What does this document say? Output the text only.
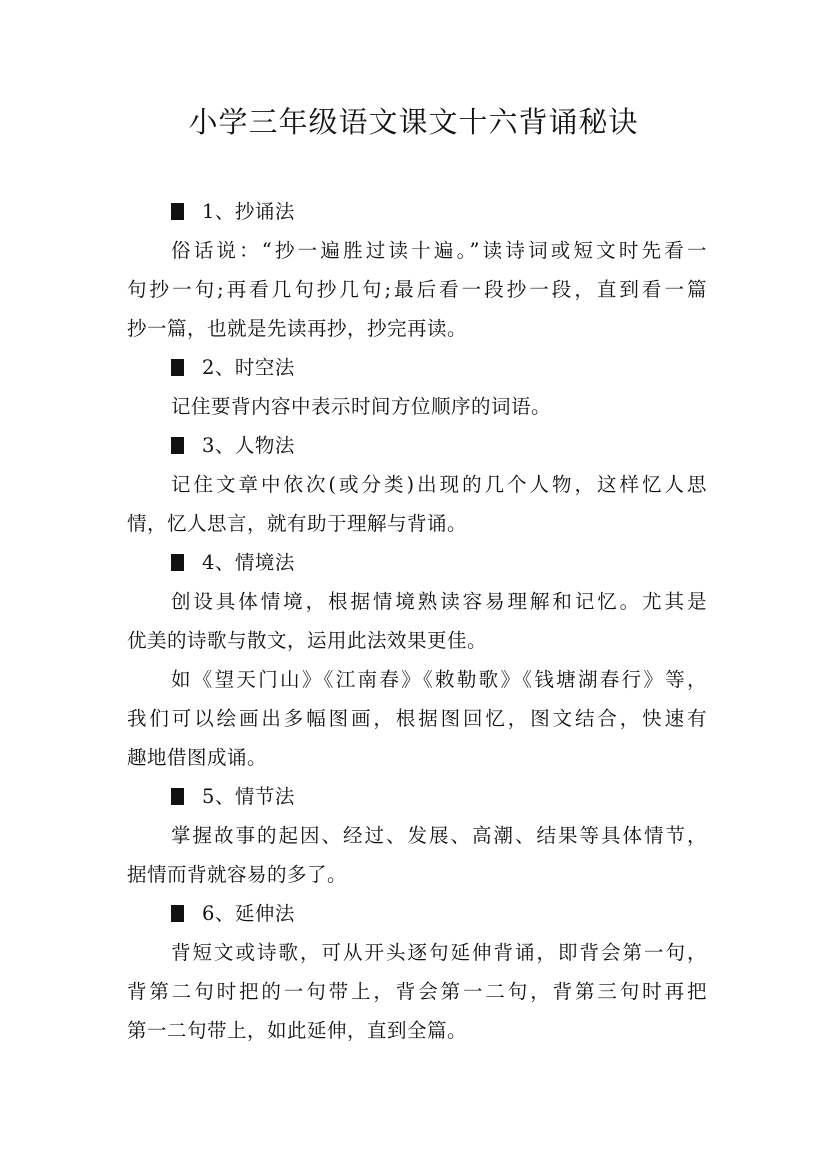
小学三年级语文课文十六背诵秘诀
1、抄诵法
俗话说：“抄一遍胜过读十遍。”读诗词或短文时先看一
句抄一句;再看几句抄几句;最后看一段抄一段，直到看一篇
抄一篇，也就是先读再抄，抄完再读。
2、时空法
记住要背内容中表示时间方位顺序的词语。
3、人物法
记住文章中依次(或分类)出现的几个人物，这样忆人思
情，忆人思言，就有助于理解与背诵。
4、情境法
创设具体情境，根据情境熟读容易理解和记忆。尤其是
优美的诗歌与散文，运用此法效果更佳。
如《望天门山》《江南春》《敕勒歌》《钱塘湖春行》等，
我们可以绘画出多幅图画，根据图回忆，图文结合，快速有
趣地借图成诵。
5、情节法
掌握故事的起因、经过、发展、高潮、结果等具体情节，
据情而背就容易的多了。
6、延伸法
背短文或诗歌，可从开头逐句延伸背诵，即背会第一句，
背第二句时把的一句带上，背会第一二句，背第三句时再把
第一二句带上，如此延伸，直到全篇。
